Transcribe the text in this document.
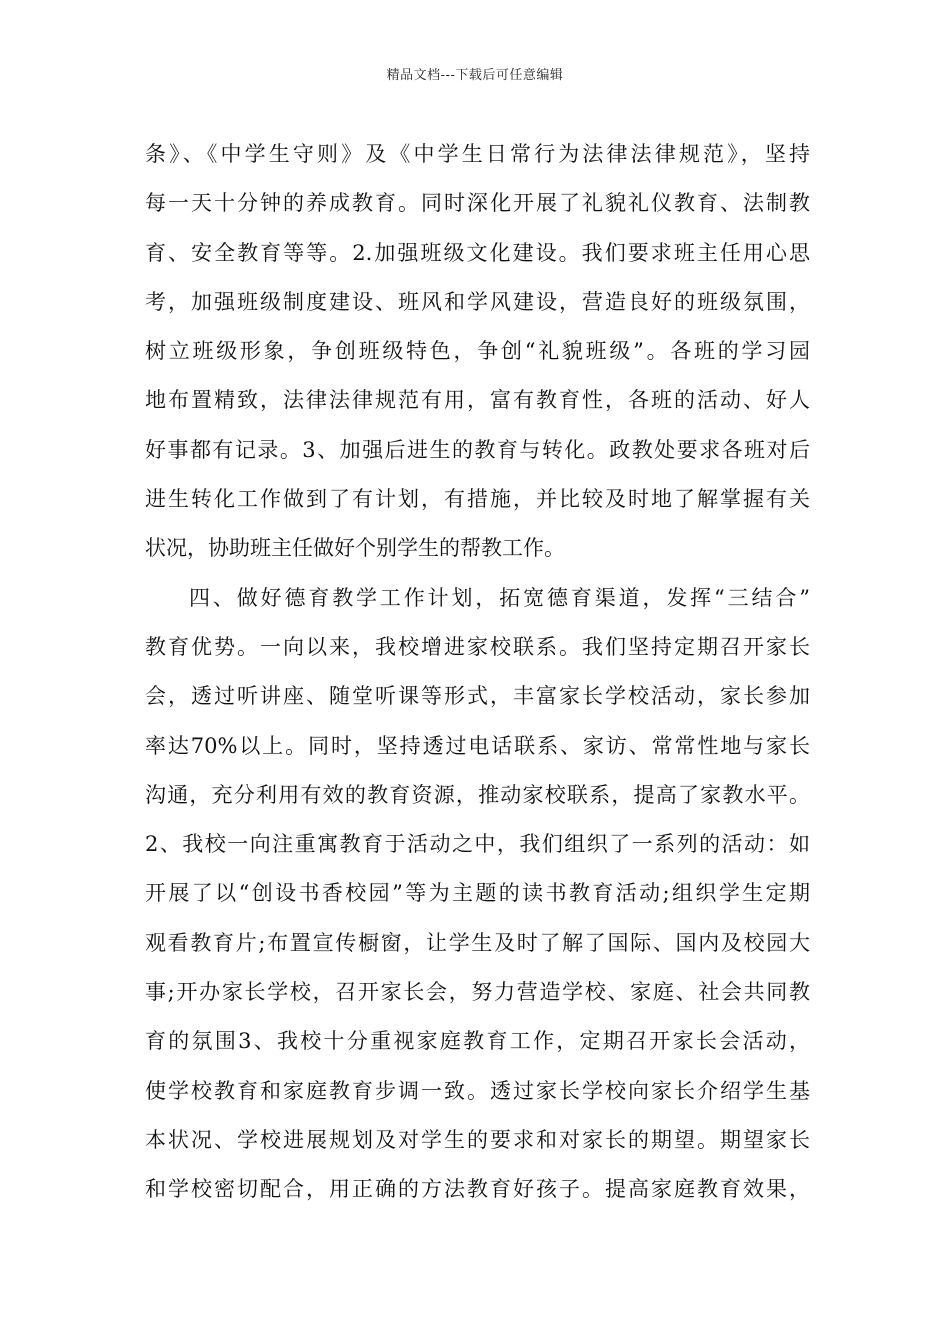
精品文档---下载后可任意编辑
条》、《中学生守则》及《中学生日常行为法律法律规范》，坚持
每一天十分钟的养成教育。同时深化开展了礼貌礼仪教育、法制教
育、安全教育等等。2.加强班级文化建设。我们要求班主任用心思
考，加强班级制度建设、班风和学风建设，营造良好的班级氛围，
树立班级形象，争创班级特色，争创“礼貌班级”。各班的学习园
地布置精致，法律法律规范有用，富有教育性，各班的活动、好人
好事都有记录。3、加强后进生的教育与转化。政教处要求各班对后
进生转化工作做到了有计划，有措施，并比较及时地了解掌握有关
状况，协助班主任做好个别学生的帮教工作。
四、做好德育教学工作计划，拓宽德育渠道，发挥“三结合”
教育优势。一向以来，我校增进家校联系。我们坚持定期召开家长
会，透过听讲座、随堂听课等形式，丰富家长学校活动，家长参加
率达70%以上。同时，坚持透过电话联系、家访、常常性地与家长
沟通，充分利用有效的教育资源，推动家校联系，提高了家教水平。
2、我校一向注重寓教育于活动之中，我们组织了一系列的活动：如
开展了以“创设书香校园”等为主题的读书教育活动;组织学生定期
观看教育片;布置宣传橱窗，让学生及时了解了国际、国内及校园大
事;开办家长学校，召开家长会，努力营造学校、家庭、社会共同教
育的氛围3、我校十分重视家庭教育工作，定期召开家长会活动，
使学校教育和家庭教育步调一致。透过家长学校向家长介绍学生基
本状况、学校进展规划及对学生的要求和对家长的期望。期望家长
和学校密切配合，用正确的方法教育好孩子。提高家庭教育效果，
